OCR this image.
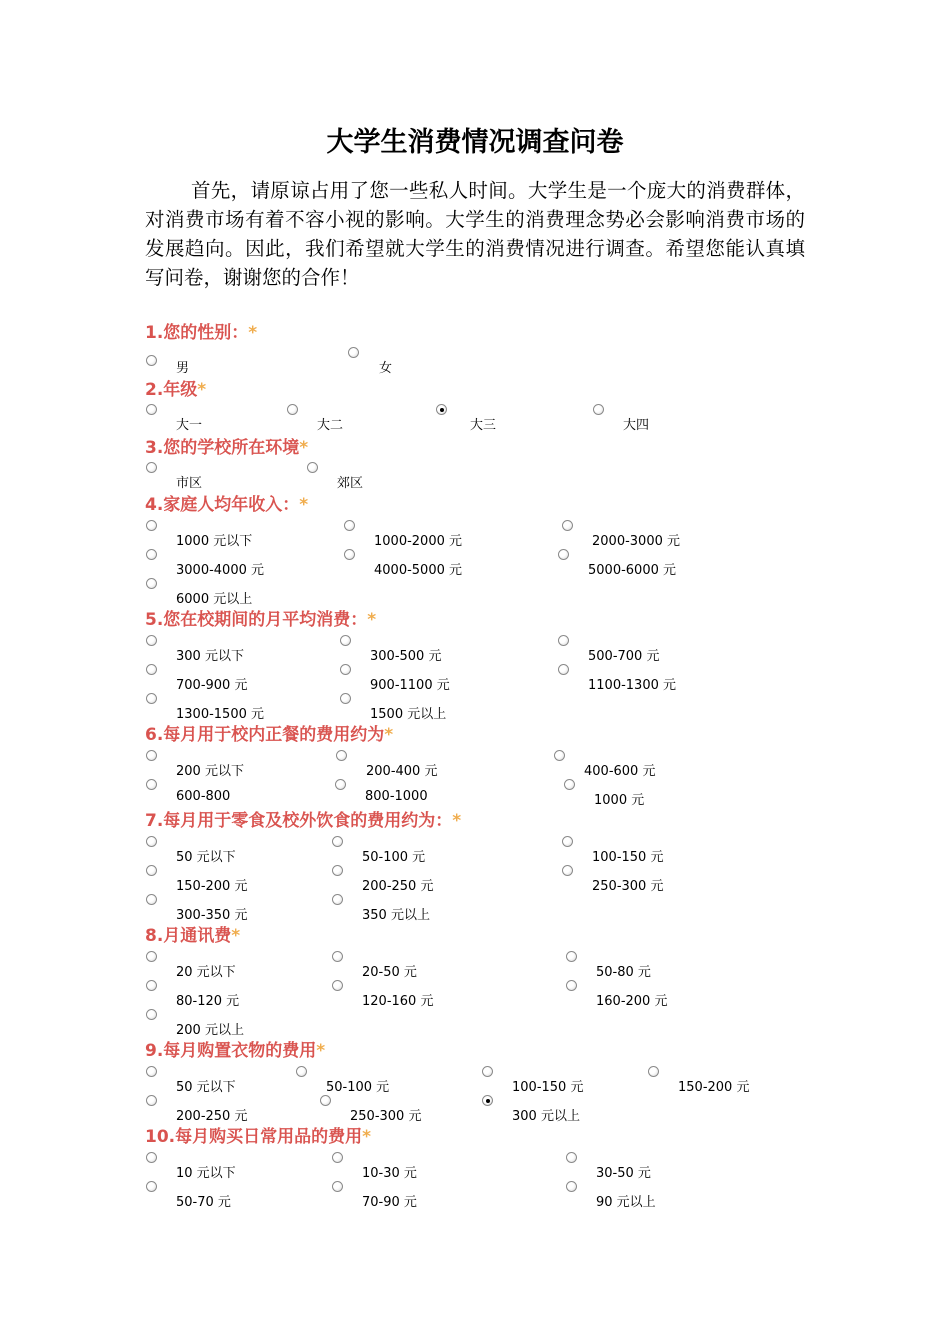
大学生消费情况调查问卷
首先，请原谅占用了您一些私人时间。大学生是一个庞大的消费群体，对消费市场有着不容小视的影响。大学生的消费理念势必会影响消费市场的发展趋向。因此，我们希望就大学生的消费情况进行调查。希望您能认真填写问卷，谢谢您的合作！
1.您的性别：*
男	女
2.年级*
大一	大二	大三	大四
3.您的学校所在环境*
市区	郊区
4.家庭人均年收入：*
1000 元以下	1000-2000 元	2000-3000 元
3000-4000 元	4000-5000 元	5000-6000 元
6000 元以上
5.您在校期间的月平均消费：*
300 元以下	300-500 元	500-700 元
700-900 元	900-1100 元	1100-1300 元
1300-1500 元	1500 元以上
6.每月用于校内正餐的费用约为*
200 元以下	200-400 元	400-600 元
600-800	800-1000	1000 元
7.每月用于零食及校外饮食的费用约为：*
50 元以下	50-100 元	100-150 元
150-200 元	200-250 元	250-300 元
300-350 元	350 元以上
8.月通讯费*
20 元以下	20-50 元	50-80 元
80-120 元	120-160 元	160-200 元
200 元以上
9.每月购置衣物的费用*
50 元以下	50-100 元	100-150 元	150-200 元
200-250 元	250-300 元	300 元以上
10.每月购买日常用品的费用*
10 元以下	10-30 元	30-50 元
50-70 元	70-90 元	90 元以上
